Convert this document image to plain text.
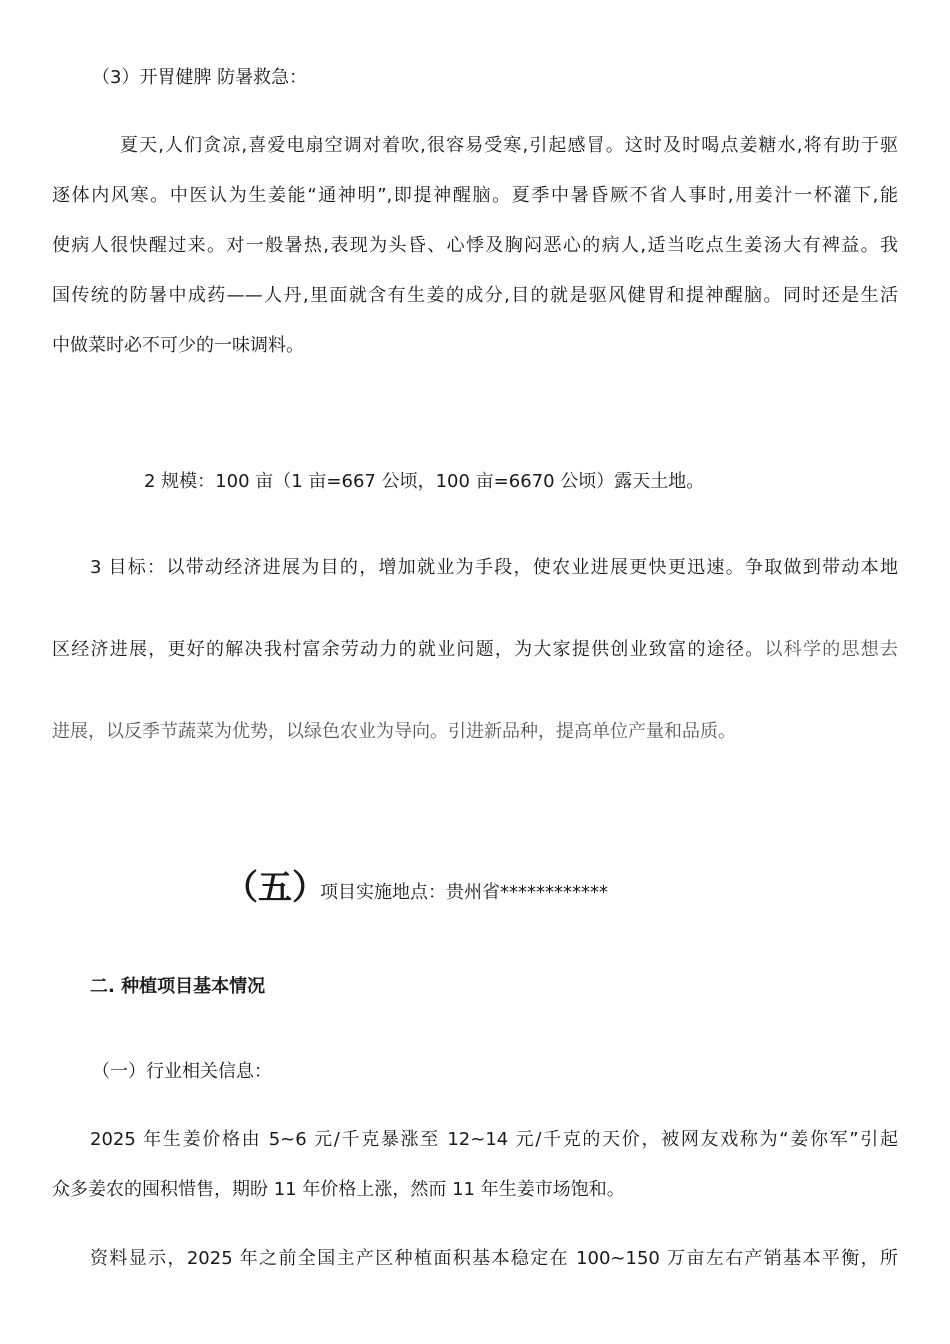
（3）开胃健脾 防暑救急：
夏天,人们贪凉,喜爱电扇空调对着吹,很容易受寒,引起感冒。这时及时喝点姜糖水,将有助于驱
逐体内风寒。中医认为生姜能“通神明”,即提神醒脑。夏季中暑昏厥不省人事时,用姜汁一杯灌下,能
使病人很快醒过来。对一般暑热,表现为头昏、心悸及胸闷恶心的病人,适当吃点生姜汤大有裨益。我
国传统的防暑中成药——人丹,里面就含有生姜的成分,目的就是驱风健胃和提神醒脑。同时还是生活
中做菜时必不可少的一味调料。
2 规模：100 亩（1 亩=667 公顷，100 亩=6670 公顷）露天土地。
3 目标：以带动经济进展为目的，增加就业为手段，使农业进展更快更迅速。争取做到带动本地
区经济进展，更好的解决我村富余劳动力的就业问题，为大家提供创业致富的途径。以科学的思想去
进展，以反季节蔬菜为优势，以绿色农业为导向。引进新品种，提高单位产量和品质。
（五）
项目实施地点：贵州省************
二. 种植项目基本情况
（一）行业相关信息：
2025 年生姜价格由 5~6 元/千克暴涨至 12~14 元/千克的天价，被网友戏称为“姜你军”引起
众多姜农的囤积惜售，期盼 11 年价格上涨，然而 11 年生姜市场饱和。
资料显示，2025 年之前全国主产区种植面积基本稳定在 100~150 万亩左右产销基本平衡，所
